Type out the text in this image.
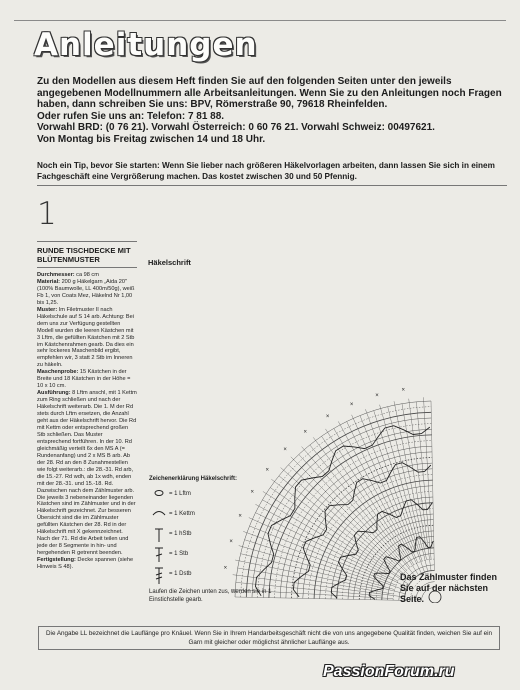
Anleitungen

Zu den Modellen aus diesem Heft finden Sie auf den folgenden Seiten unter den jeweils angegebenen Modellnummern alle Arbeitsanleitungen. Wenn Sie zu den Anleitungen noch Fragen haben, dann schreiben Sie uns: BPV, Römerstraße 90, 79618 Rheinfelden.

Oder rufen Sie uns an: Telefon: 7 81 88.

Vorwahl BRD: (0 76 21). Vorwahl Österreich: 0 60 76 21. Vorwahl Schweiz: 00497621.

Von Montag bis Freitag zwischen 14 und 18 Uhr.

Noch ein Tip, bevor Sie starten: Wenn Sie lieber nach größeren Häkelvorlagen arbeiten, dann lassen Sie sich in einem Fachgeschäft eine Vergrößerung machen. Das kostet zwischen 30 und 50 Pfennig.
1
RUNDE TISCHDECKE MIT BLÜTENMUSTER

Durchmesser: ca 98 cm

Material: 200 g Häkelgarn „Aida 20" (100% Baumwolle, LL 400m/50g), weiß Fb 1, von Coats Mez, Häkelnd Nr 1,00 bis 1,25.

Muster: Im Filetmuster II nach Häkelschule auf S 14 arb. Achtung: Bei dem uns zur Verfügung gestellten Modell wurden die leeren Kästchen mit 3 Lftm, die gefüllten Kästchen mit 2 Stb im Kästchenrahmen gearb. Da dies ein sehr lockeres Maschenbild ergibt, empfehlen wir, 3 statt 2 Stb im Inneren zu häkeln.

Maschenprobe: 15 Kästchen in der Breite und 18 Kästchen in der Höhe = 10 x 10 cm.

Ausführung: 8 Lftm anschl, mit 1 Kettm zum Ring schließen und nach der Häkelschrift weiterarb. Die 1. M der Rd stets durch Lftm ersetzen, die Anzahl geht aus der Häkelschrift hervor. Die Rd mit Kettm oder entsprechend großen Stb schließen. Das Muster entsprechend fortführen. In der 10. Rd gleichmäßig verteilt 6x den MS A (= Rundenanfang) und 2 x MS B arb. Ab der 28. Rd an den 8 Zunahmestellen wie folgt weiterarb.: die 28.-31. Rd arb, die 15.-27. Rd wdh, ab 1x wdh, enden mit der 28.-31. und 15.-18. Rd. Dazwischen nach dem Zählmuster arb. Die jeweils 3 nebeneinander liegenden Kästchen sind im Zählmuster und in der Häkelschrift gezeichnet. Zur besseren Übersicht sind die im Zählmuster gefüllten Kästchen der 28. Rd in der Häkelschrift mit X gekennzeichnet. Nach der 71. Rd die Arbeit teilen und jede der 8 Segmente in hin- und hergehenden R getrennt beenden.

Fertigstellung: Decke spannen (siehe Hinweis S 48).

Häkelschrift
×
×
×
×
×
×
×
×
×
×
×
Zeichenerklärung Häkelschrift:
= 1 Lftm
= 1 Kettm
= 1 hStb
= 1 Stb
= 1 Dstb
Laufen die Zeichen unten zus, werden sie in 1 Einstichstelle gearb.
Das Zählmuster finden Sie auf der nächsten Seite.
Die Angabe LL bezeichnet die Lauflänge pro Knäuel. Wenn Sie in Ihrem Handarbeitsgeschäft nicht die von uns angegebene Qualität finden, weichen Sie auf ein Garn mit gleicher oder möglichst ähnlicher Lauflänge aus.
PassionForum.ru
